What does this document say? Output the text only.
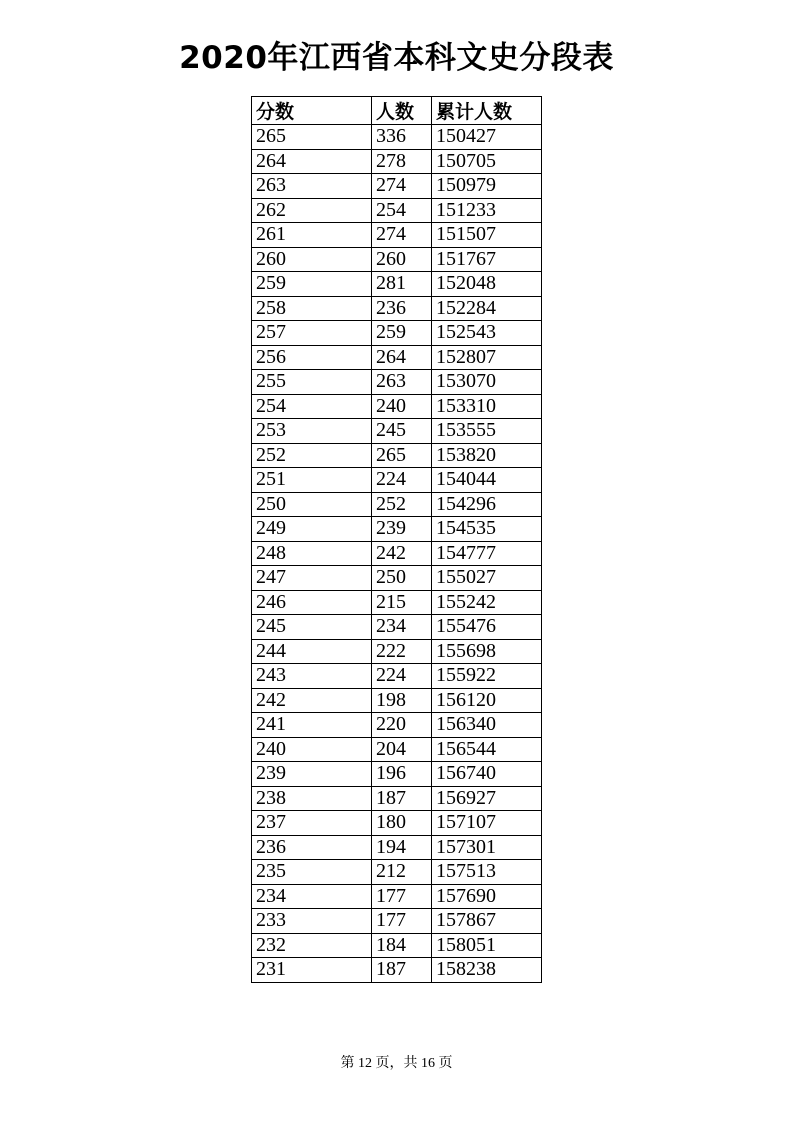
2020年江西省本科文史分段表
分数	人数	累计人数
265	336	150427
264	278	150705
263	274	150979
262	254	151233
261	274	151507
260	260	151767
259	281	152048
258	236	152284
257	259	152543
256	264	152807
255	263	153070
254	240	153310
253	245	153555
252	265	153820
251	224	154044
250	252	154296
249	239	154535
248	242	154777
247	250	155027
246	215	155242
245	234	155476
244	222	155698
243	224	155922
242	198	156120
241	220	156340
240	204	156544
239	196	156740
238	187	156927
237	180	157107
236	194	157301
235	212	157513
234	177	157690
233	177	157867
232	184	158051
231	187	158238
第 12 页，共 16 页
